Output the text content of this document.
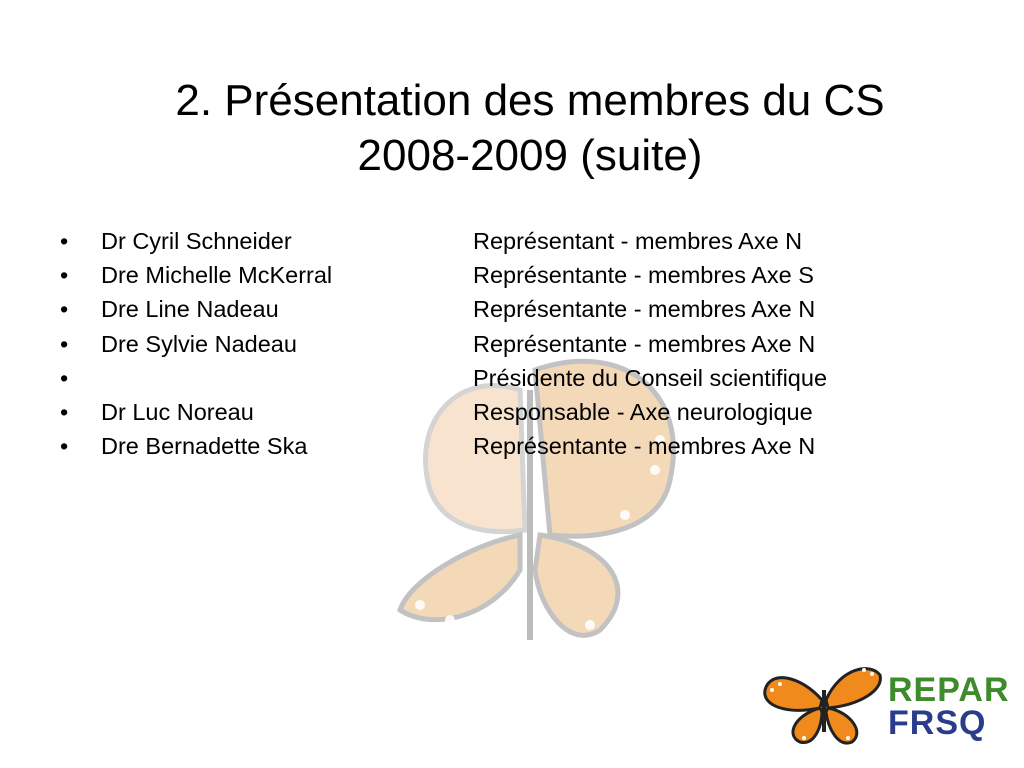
2. Présentation des membres du CS
2008-2009 (suite)
• Dr Cyril Schneider	Représentant - membres Axe N
• Dre Michelle McKerral	Représentante - membres Axe S
• Dre Line Nadeau	Représentante - membres Axe N
• Dre Sylvie Nadeau	Représentante - membres Axe N
•	Présidente du Conseil scientifique
• Dr Luc Noreau	Responsable - Axe neurologique
• Dre Bernadette Ska	Représentante - membres Axe N
REPAR
FRSQ
